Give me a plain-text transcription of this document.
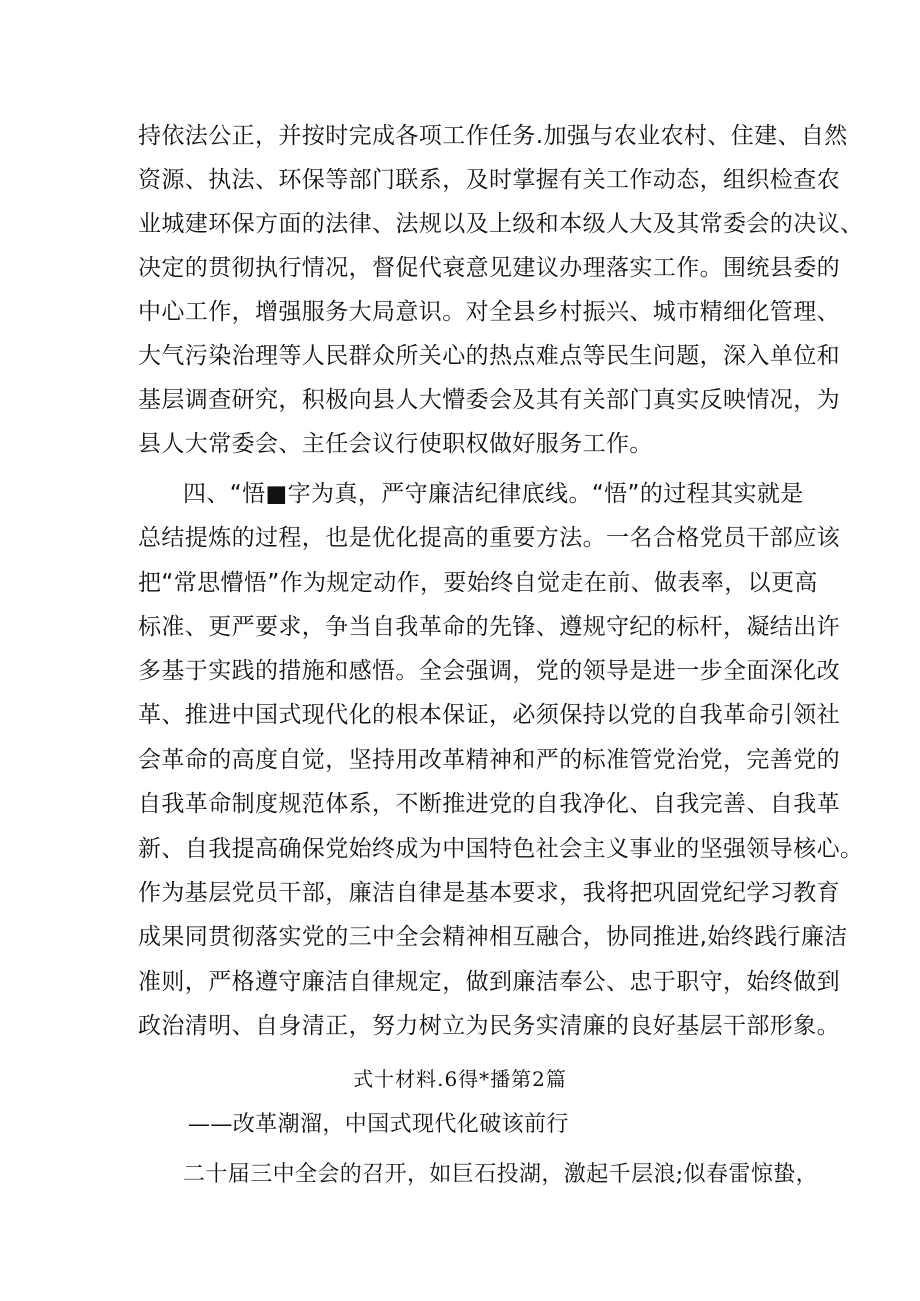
持依法公正，并按时完成各项工作任务.加强与农业农村、住建、自然
资源、执法、环保等部门联系，及时掌握有关工作动态，组织检查农
业城建环保方面的法律、法规以及上级和本级人大及其常委会的决议、
决定的贯彻执行情况，督促代衰意见建议办理落实工作。围统县委的
中心工作，增强服务大局意识。对全县乡村振兴、城市精细化管理、
大气污染治理等人民群众所关心的热点难点等民生问题，深入单位和
基层调查研究，积极向县人大懵委会及其有关部门真实反映情况，为
县人大常委会、主任会议行使职权做好服务工作。
四、“悟■字为真，严守廉洁纪律底线。“悟”的过程其实就是
总结提炼的过程，也是优化提高的重要方法。一名合格党员干部应该
把“常思懵悟”作为规定动作，要始终自觉走在前、做表率，以更高
标准、更严要求，争当自我革命的先锋、遵规守纪的标杆，凝结出许
多基于实践的措施和感悟。全会强调，党的领导是进一步全面深化改
革、推进中国式现代化的根本保证，必须保持以党的自我革命引领社
会革命的高度自觉，坚持用改革精神和严的标准管党治党，完善党的
自我革命制度规范体系，不断推进党的自我净化、自我完善、自我革
新、自我提高确保党始终成为中国特色社会主义事业的坚强领导核心。
作为基层党员干部，廉洁自律是基本要求，我将把巩固党纪学习教育
成果同贯彻落实党的三中全会精神相互融合，协同推进,始终践行廉洁
准则，严格遵守廉洁自律规定，做到廉洁奉公、忠于职守，始终做到
政治清明、自身清正，努力树立为民务实清廉的良好基层干部形象。
式十材料.6得*播第2篇
——改革潮溜，中国式现代化破该前行
二十届三中全会的召开，如巨石投湖，激起千层浪;似春雷惊蛰，
